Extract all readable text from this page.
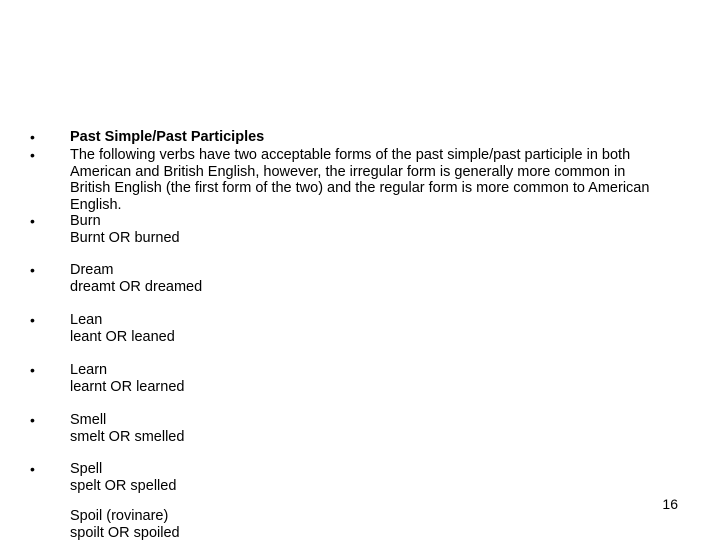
• Past Simple/Past Participles
• The following verbs have two acceptable forms of the past simple/past participle in both American and British English, however, the irregular form is generally more common in British English (the first form of the two) and the regular form is more common to American English.
• Burn
Burnt OR burned
• Dream
dreamt OR dreamed
• Lean
leant OR leaned
• Learn
learnt OR learned
• Smell
smelt OR smelled
• Spell
spelt OR spelled
Spoil (rovinare)
spoilt OR spoiled
16
